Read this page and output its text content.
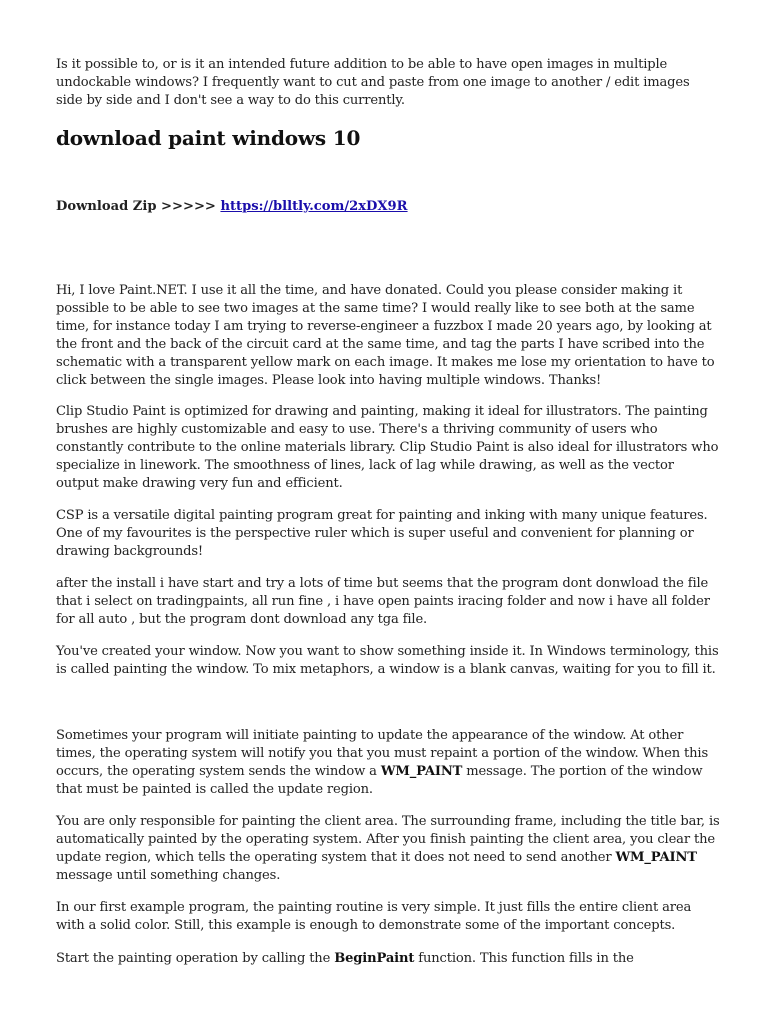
Is it possible to, or is it an intended future addition to be able to have open images in multiple undockable windows? I frequently want to cut and paste from one image to another / edit images side by side and I don't see a way to do this currently.

download paint windows 10
Download Zip >>>>> https://blltly.com/2xDX9R

Hi, I love Paint.NET. I use it all the time, and have donated. Could you please consider making it possible to be able to see two images at the same time? I would really like to see both at the same time, for instance today I am trying to reverse-engineer a fuzzbox I made 20 years ago, by looking at the front and the back of the circuit card at the same time, and tag the parts I have scribed into the schematic with a transparent yellow mark on each image. It makes me lose my orientation to have to click between the single images. Please look into having multiple windows. Thanks!

Clip Studio Paint is optimized for drawing and painting, making it ideal for illustrators. The painting brushes are highly customizable and easy to use. There's a thriving community of users who constantly contribute to the online materials library. Clip Studio Paint is also ideal for illustrators who specialize in linework. The smoothness of lines, lack of lag while drawing, as well as the vector output make drawing very fun and efficient.

CSP is a versatile digital painting program great for painting and inking with many unique features. One of my favourites is the perspective ruler which is super useful and convenient for planning or drawing backgrounds!

after the install i have start and try a lots of time but seems that the program dont donwload the file that i select on tradingpaints, all run fine , i have open paints iracing folder and now i have all folder for all auto , but the program dont download any tga file.

You've created your window. Now you want to show something inside it. In Windows terminology, this is called painting the window. To mix metaphors, a window is a blank canvas, waiting for you to fill it.

Sometimes your program will initiate painting to update the appearance of the window. At other times, the operating system will notify you that you must repaint a portion of the window. When this occurs, the operating system sends the window a WM_PAINT message. The portion of the window that must be painted is called the update region.

You are only responsible for painting the client area. The surrounding frame, including the title bar, is automatically painted by the operating system. After you finish painting the client area, you clear the update region, which tells the operating system that it does not need to send another WM_PAINT message until something changes.

In our first example program, the painting routine is very simple. It just fills the entire client area with a solid color. Still, this example is enough to demonstrate some of the important concepts.

Start the painting operation by calling the BeginPaint function. This function fills in the
